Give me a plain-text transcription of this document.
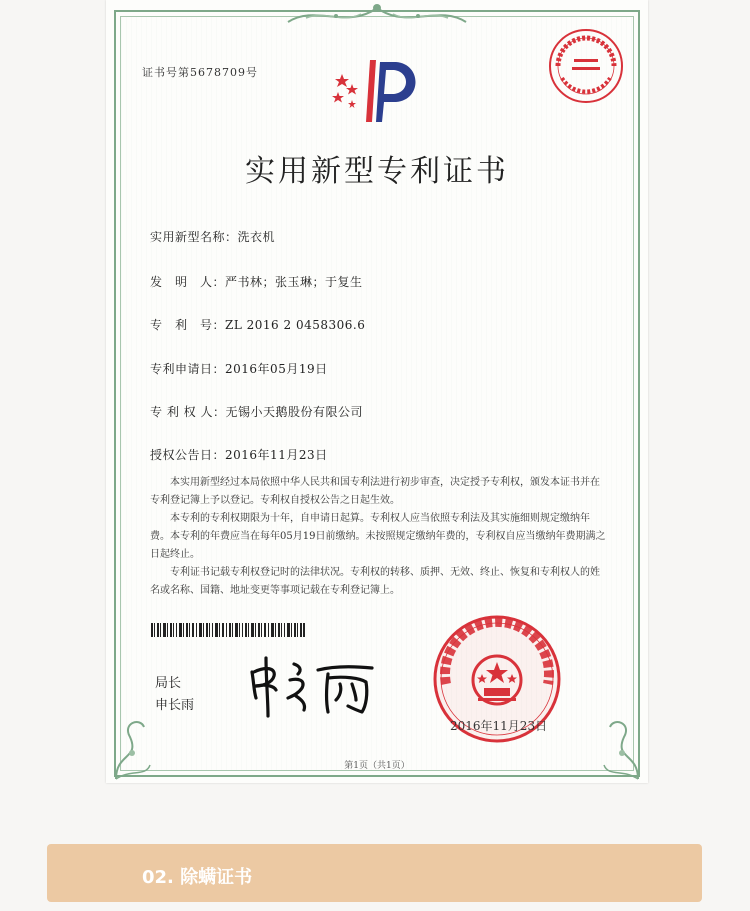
证书号第5678709号
实用新型专利证书
实用新型名称：洗衣机
发　明　人：严书林；张玉琳；于复生
专　利　号：ZL 2016 2 0458306.6
专利申请日：2016年05月19日
专 利 权 人：无锡小天鹅股份有限公司
授权公告日：2016年11月23日

本实用新型经过本局依照中华人民共和国专利法进行初步审查，决定授予专利权，颁发本证书并在专利登记簿上予以登记。专利权自授权公告之日起生效。

本专利的专利权期限为十年，自申请日起算。专利权人应当依照专利法及其实施细则规定缴纳年费。本专利的年费应当在每年05月19日前缴纳。未按照规定缴纳年费的，专利权自应当缴纳年费期满之日起终止。

专利证书记载专利权登记时的法律状况。专利权的转移、质押、无效、终止、恢复和专利权人的姓名或名称、国籍、地址变更等事项记载在专利登记簿上。

局长
申长雨
2016年11月23日
第1页（共1页）
02. 除螨证书
